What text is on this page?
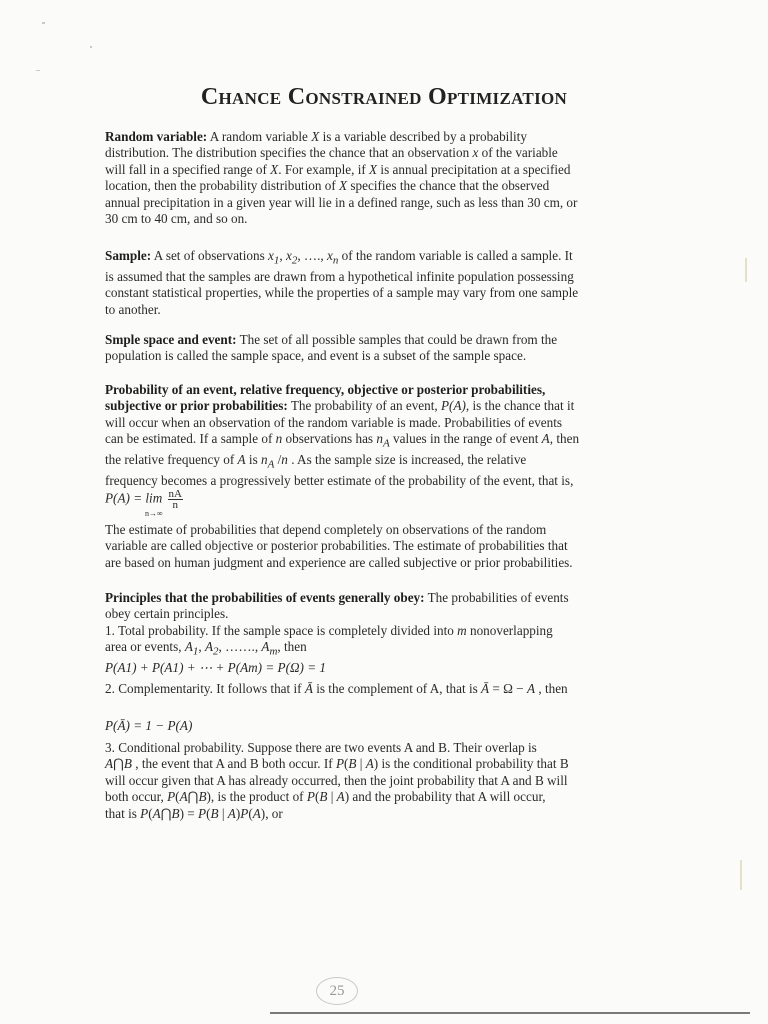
Chance Constrained Optimization
Random variable: A random variable X is a variable described by a probability
distribution. The distribution specifies the chance that an observation x of the variable
will fall in a specified range of X. For example, if X is annual precipitation at a specified
location, then the probability distribution of X specifies the chance that the observed
annual precipitation in a given year will lie in a defined range, such as less than 30 cm, or
30 cm to 40 cm, and so on.
Sample: A set of observations $x_1$, $x_2$, …., $x_n$ of the random variable is called a sample. It
is assumed that the samples are drawn from a hypothetical infinite population possessing
constant statistical properties, while the properties of a sample may vary from one sample
to another.
Smple space and event: The set of all possible samples that could be drawn from the
population is called the sample space, and event is a subset of the sample space.
Probability of an event, relative frequency, objective or posterior probabilities,
subjective or prior probabilities: The probability of an event, P(A), is the chance that it
will occur when an observation of the random variable is made. Probabilities of events
can be estimated. If a sample of n observations has $n_A$ values in the range of event A, then
the relative frequency of A is $n_A$ /n . As the sample size is increased, the relative
frequency becomes a progressively better estimate of the probability of the event, that is,
$P(A) = \lim \frac{nA}{n}$
n→∞
The estimate of probabilities that depend completely on observations of the random
variable are called objective or posterior probabilities. The estimate of probabilities that
are based on human judgment and experience are called subjective or prior probabilities.
Principles that the probabilities of events generally obey: The probabilities of events
obey certain principles.
1. Total probability. If the sample space is completely divided into m nonoverlapping
area or events, $A_1$, $A_2$, ……., $A_m$, then
P(A1) + P(A1) + ⋯ + P(Am) = P(Ω) = 1
2. Complementarity. It follows that if Ā is the complement of A, that is Ā = Ω − A , then
P(Ā) = 1 − P(A)
3. Conditional probability. Suppose there are two events A and B. Their overlap is
A⋂B , the event that A and B both occur. If P(B | A) is the conditional probability that B
will occur given that A has already occurred, then the joint probability that A and B will
both occur, P(A⋂B), is the product of P(B | A) and the probability that A will occur,
that is P(A⋂B) = P(B | A)P(A), or
25
